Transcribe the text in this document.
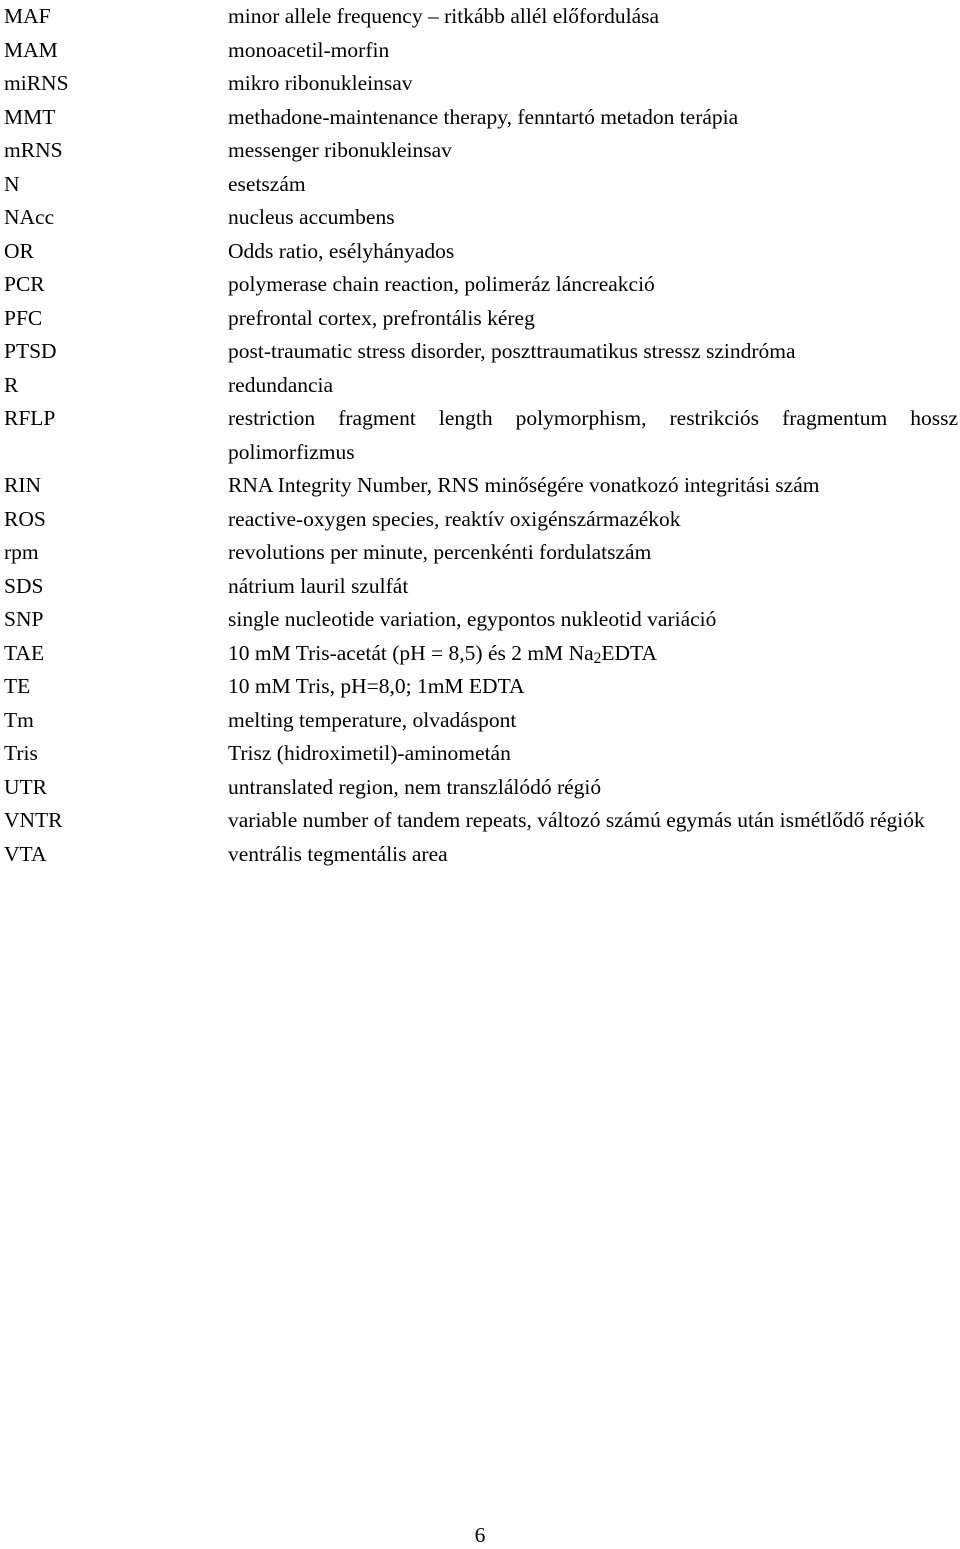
MAF	minor allele frequency – ritkább allél előfordulása
MAM	monoacetil-morfin
miRNS	mikro ribonukleinsav
MMT	methadone-maintenance therapy, fenntartó metadon terápia
mRNS	messenger ribonukleinsav
N	esetszám
NAcc	nucleus accumbens
OR	Odds ratio, esélyhányados
PCR	polymerase chain reaction, polimeráz láncreakció
PFC	prefrontal cortex, prefrontális kéreg
PTSD	post-traumatic stress disorder, poszttraumatikus stressz szindróma
R	redundancia
RFLP	restriction fragment length polymorphism, restrikciós fragmentum hossz polimorfizmus
RIN	RNA Integrity Number, RNS minőségére vonatkozó integritási szám
ROS	reactive-oxygen species, reaktív oxigénszármazékok
rpm	revolutions per minute, percenkénti fordulatszám
SDS	nátrium lauril szulfát
SNP	single nucleotide variation, egypontos nukleotid variáció
TAE	10 mM Tris-acetát (pH = 8,5) és 2 mM Na2EDTA
TE	10 mM Tris, pH=8,0; 1mM EDTA
Tm	melting temperature, olvadáspont
Tris	Trisz (hidroximetil)-aminometán
UTR	untranslated region, nem transzlálódó régió
VNTR	variable number of tandem repeats, változó számú egymás után ismétlődő régiók
VTA	ventrális tegmentális area
6
